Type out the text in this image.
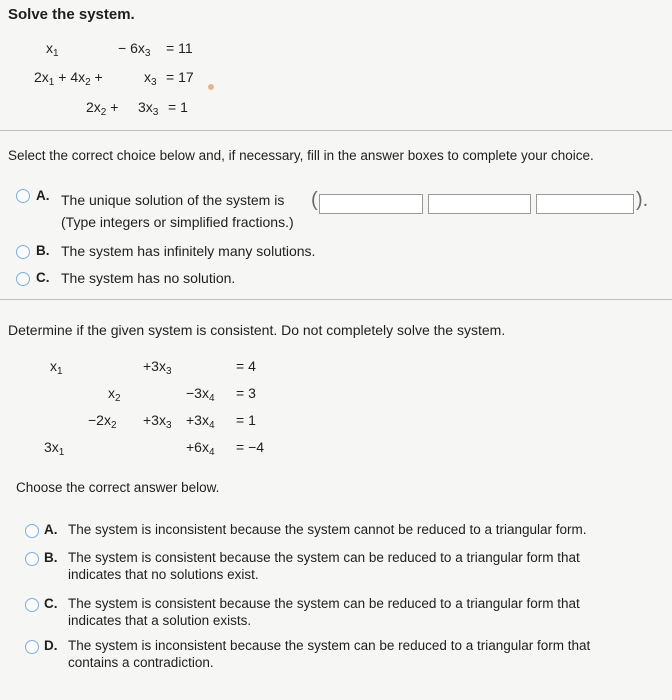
Solve the system.
$x_1$	− $6x_3 = 11$
$2x_1 + 4x_2$ +	$x_3 = 17$
$2x_2 + 3x_3 = 1$
Select the correct choice below and, if necessary, fill in the answer boxes to complete your choice.
A. The unique solution of the system is (	).
(Type integers or simplified fractions.)
B. The system has infinitely many solutions.
C. The system has no solution.
Determine if the given system is consistent. Do not completely solve the system.
$x_1$	$+3x_3$	= 4
$x_2$	$-3x_4 = 3$
$-2x_2 +3x_3 +3x_4 = 1$
$3x_1$	$+6x_4 = -4$
Choose the correct answer below.
A. The system is inconsistent because the system cannot be reduced to a triangular form.
B. The system is consistent because the system can be reduced to a triangular form that
indicates that no solutions exist.
C. The system is consistent because the system can be reduced to a triangular form that
indicates that a solution exists.
D. The system is inconsistent because the system can be reduced to a triangular form that
contains a contradiction.
